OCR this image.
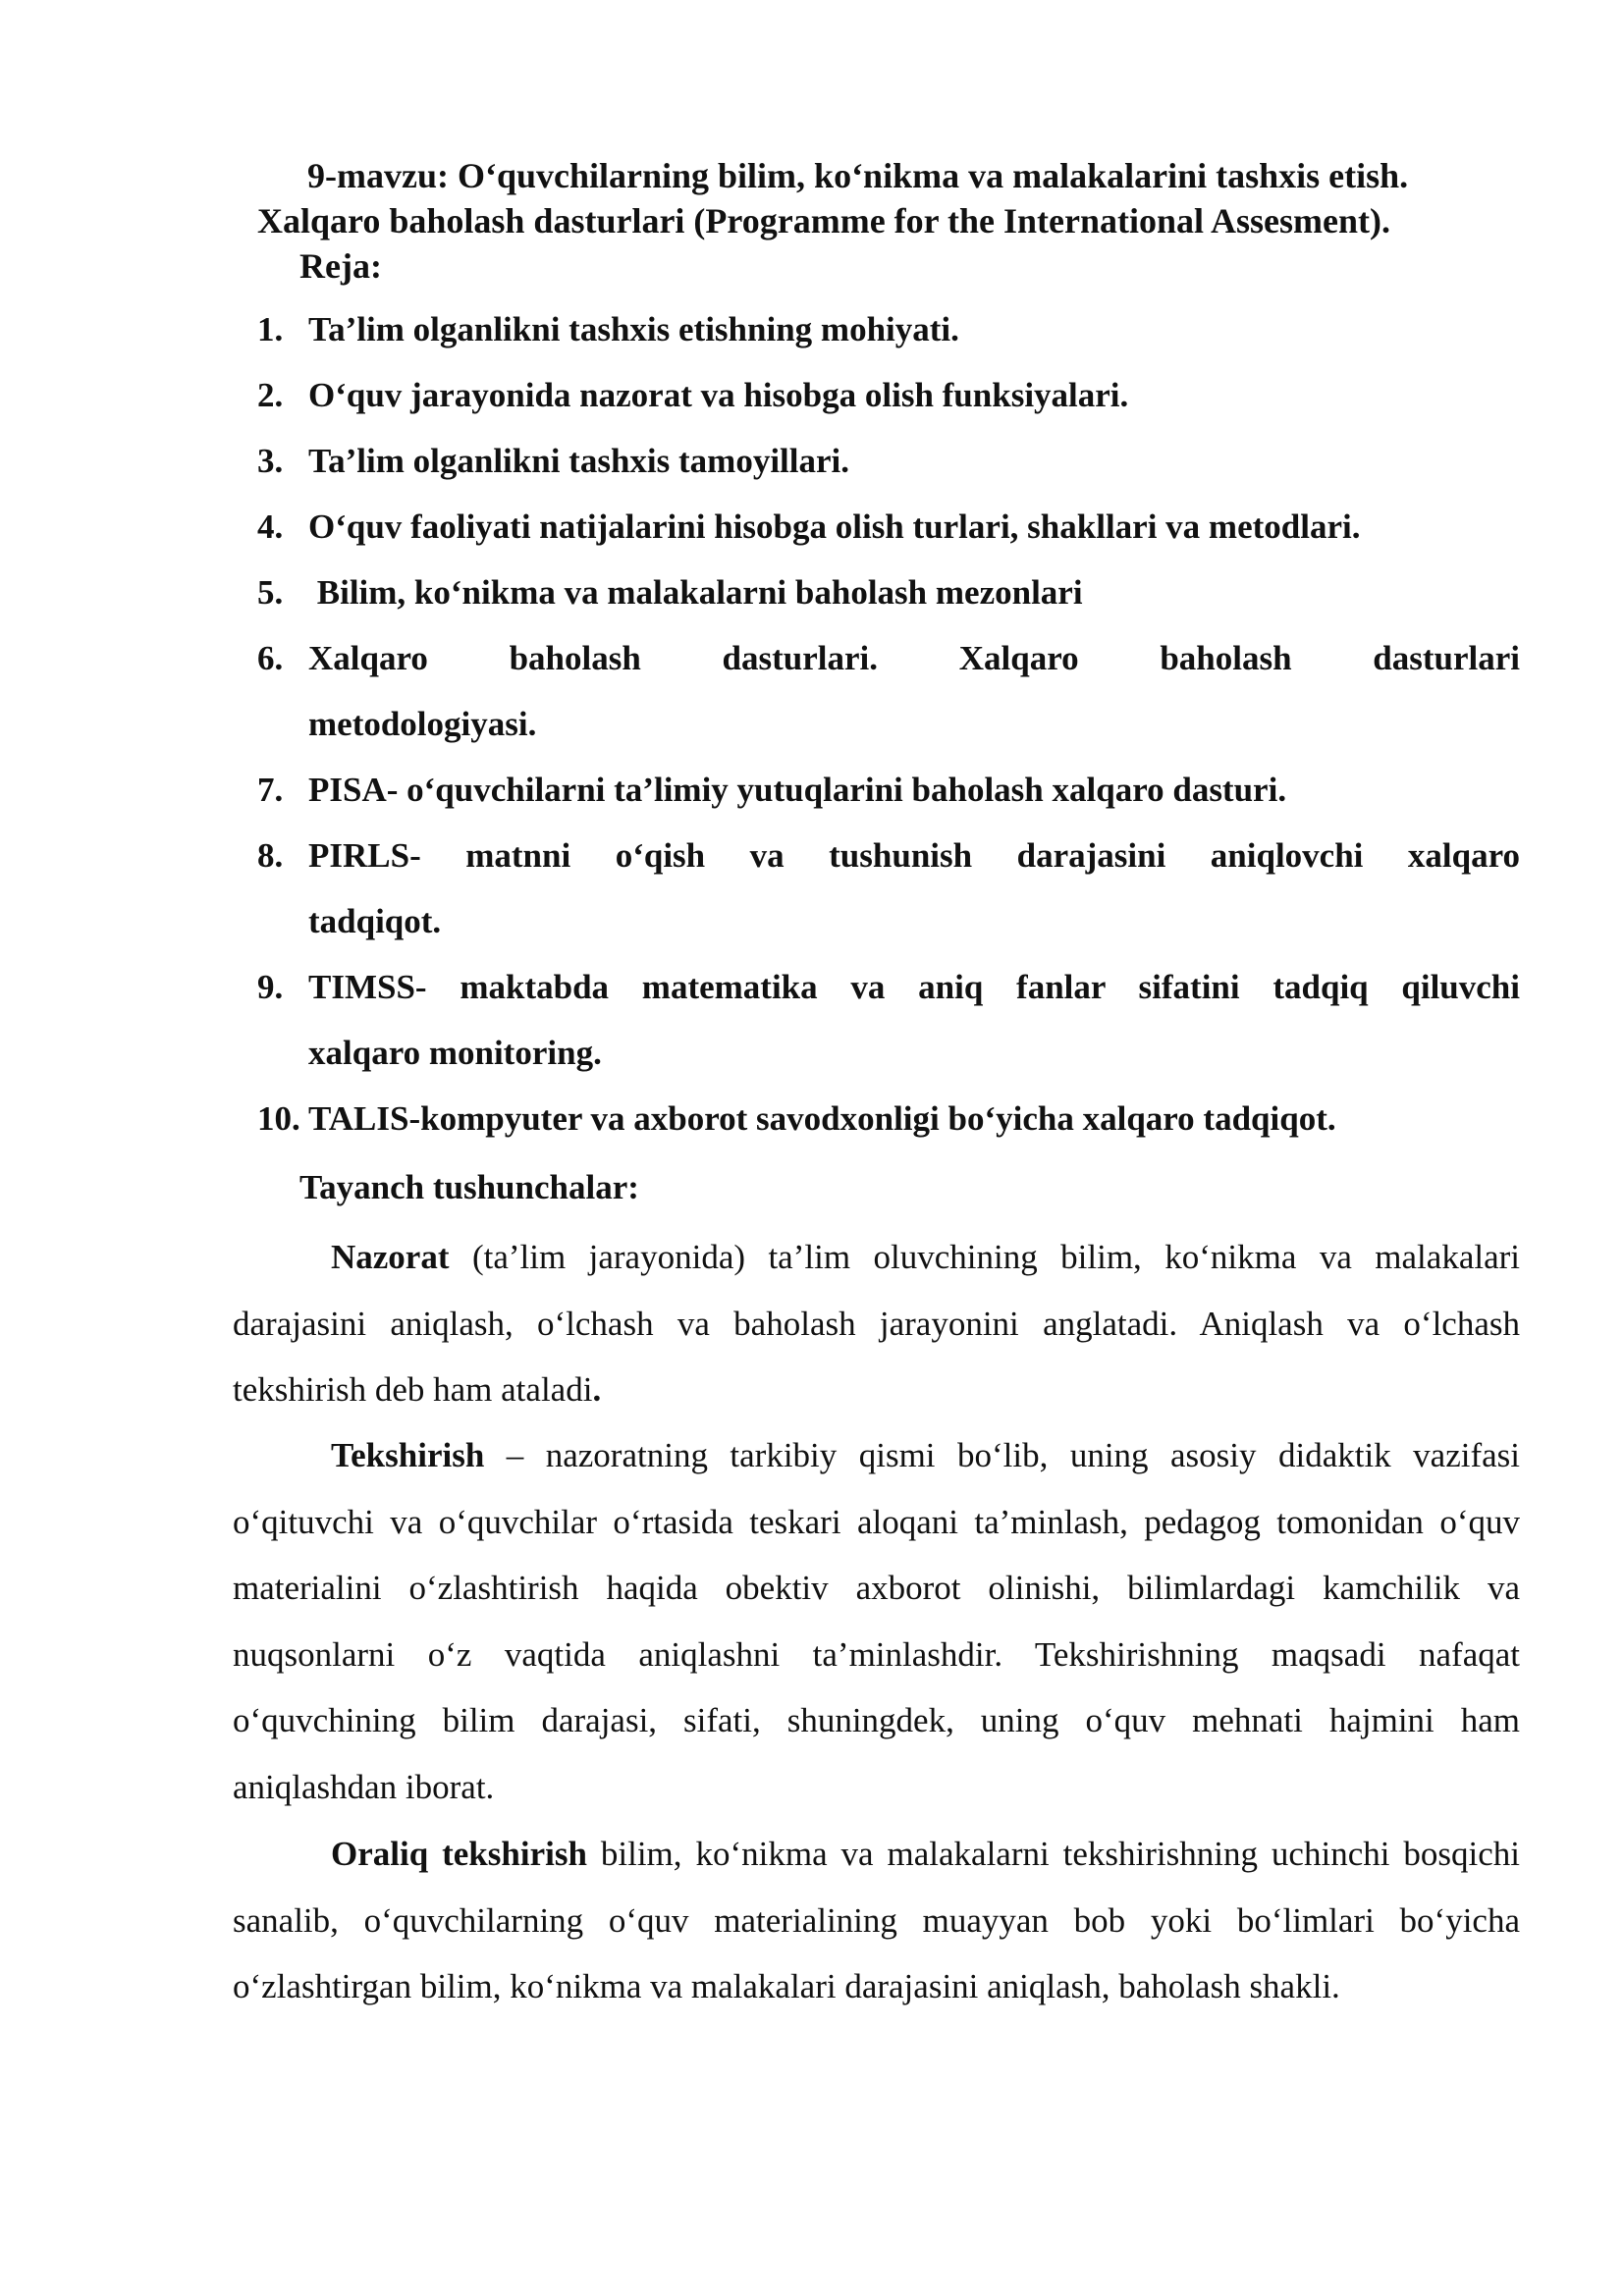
9-mavzu: O‘quvchilarning bilim, ko‘nikma va malakalarini tashxis etish.
Xalqaro baholash dasturlari (Programme for the International Assesment).
Reja:
1. Ta’lim olganlikni tashxis etishning mohiyati.
2. O‘quv jarayonida nazorat va hisobga olish funksiyalari.
3. Ta’lim olganlikni tashxis tamoyillari.
4. O‘quv faoliyati natijalarini hisobga olish turlari, shakllari va metodlari.
5. Bilim, ko‘nikma va malakalarni baholash mezonlari
6. Xalqaro baholash dasturlari. Xalqaro baholash dasturlari
metodologiyasi.
7. PISA- o‘quvchilarni ta’limiy yutuqlarini baholash xalqaro dasturi.
8. PIRLS- matnni o‘qish va tushunish darajasini aniqlovchi xalqaro
tadqiqot.
9. TIMSS- maktabda matematika va aniq fanlar sifatini tadqiq qiluvchi
xalqaro monitoring.
10. TALIS-kompyuter va axborot savodxonligi bo‘yicha xalqaro tadqiqot.
Tayanch tushunchalar:
Nazorat (ta’lim jarayonida) ta’lim oluvchining bilim, ko‘nikma va malakalari darajasini aniqlash, o‘lchash va baholash jarayonini anglatadi. Aniqlash va o‘lchash tekshirish deb ham ataladi.
Tekshirish – nazoratning tarkibiy qismi bo‘lib, uning asosiy didaktik vazifasi o‘qituvchi va o‘quvchilar o‘rtasida teskari aloqani ta’minlash, pedagog tomonidan o‘quv materialini o‘zlashtirish haqida obektiv axborot olinishi, bilimlardagi kamchilik va nuqsonlarni o‘z vaqtida aniqlashni ta’minlashdir. Tekshirishning maqsadi nafaqat o‘quvchining bilim darajasi, sifati, shuningdek, uning o‘quv mehnati hajmini ham aniqlashdan iborat.
Oraliq tekshirish bilim, ko‘nikma va malakalarni tekshirishning uchinchi bosqichi sanalib, o‘quvchilarning o‘quv materialining muayyan bob yoki bo‘limlari bo‘yicha o‘zlashtirgan bilim, ko‘nikma va malakalari darajasini aniqlash, baholash shakli.
